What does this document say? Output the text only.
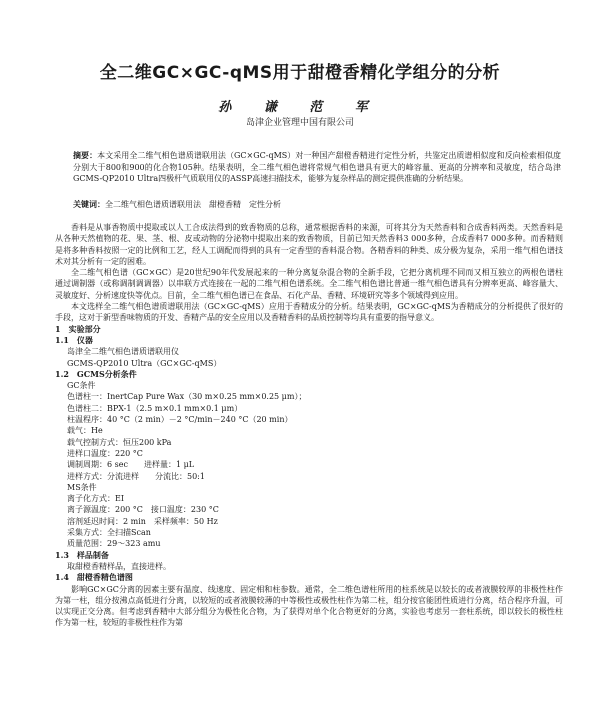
全二维GC×GC-qMS用于甜橙香精化学组分的分析
孙 谦 范 军
岛津企业管理中国有限公司
摘要：本文采用全二维气相色谱质谱联用法（GC×GC-qMS）对一种国产甜橙香精进行定性分析，共鉴定出质谱相似度和反向检索相似度分别大于800和900的化合物105种。结果表明，全二维气相色谱将常规气相色谱具有更大的峰容量、更高的分辨率和灵敏度，结合岛津GCMS-QP2010 Ultra四极杆气质联用仪的ASSP高速扫描技术，能够为复杂样品的测定提供准确的分析结果。
关键词：全二维气相色谱质谱联用法　甜橙香精　定性分析

香料是从事香物质中提取或以人工合成法得到的致香物质的总称，通常根据香料的来源，可将其分为天然香料和合成香料两类。天然香料是从各种天然植物的花、果、茎、根、皮或动物的分泌物中提取出来的致香物质，目前已知天然香料3 000多种，合成香料7 000多种。而香精则是将多种香料按照一定的比例和工艺，经人工调配而得到的具有一定香型的香料混合物。各精香料的种类、成分极为复杂，采用一维气相色谱技术对其分析有一定的困难。

全二维气相色谱（GC×GC）是20世纪90年代发展起来的一种分离复杂混合物的全新手段，它把分离机理不同而又相互独立的两根色谱柱通过调制器（或称调制调调器）以串联方式连接在一起的二维气相色谱系统。全二维气相色谱比普通一维气相色谱具有分辨率更高、峰容量大、灵敏度好、分析速度快等优点。目前，全二维气相色谱已在食品、石化产品、香精、环境研究等多个领域得到应用。

本文选样全二维气相色谱质谱联用法（GC×GC-qMS）应用于香精成分的分析。结果表明，GC×GC-qMS为香精成分的分析提供了很好的手段，这对于新型香味物质的开发、香精产品的安全应用以及香精香料的品质控制等均具有重要的指导意义。

1　实验部分

1.1　仪器

岛津全二维气相色谱质谱联用仪

GCMS-QP2010 Ultra（GC×GC-qMS）

1.2　GCMS分析条件

GC条件

色谱柱一：InertCap Pure Wax（30 m×0.25 mm×0.25 μm）；

色谱柱二：BPX-1（2.5 m×0.1 mm×0.1 μm）

柱温程序：40 °C（2 min）－2 °C/min－240 °C（20 min）

载气：He

载气控制方式：恒压200 kPa

进样口温度：220 °C

调制周期：6 sec　　进样量：1 μL

进样方式：分流进样　　分流比：50:1

MS条件

离子化方式：EI

离子源温度：200 °C　接口温度：230 °C

溶剂延迟时间：2 min　采样频率：50 Hz

采集方式：全扫描Scan

质量范围：29～323 amu

1.3　样品制备

取甜橙香精样品，直接进样。

1.4　甜橙香精色谱图

影响GC×GC分离的因素主要有温度、线速度、固定相和柱参数。通常，全二维色谱柱所用的柱系统是以较长的或者液膜较厚的非极性柱作为第一柱，组分按沸点高低进行分离，以较短的或者液膜较薄的中等极性或极性柱作为第二柱，组分按官能团性质进行分离，结合程序升温，可以实现正交分离。但考虑到香精中大部分组分为极性化合物，为了获得对单个化合物更好的分离，实验也考虑另一套柱系统，即以较长的极性柱作为第一柱，较短的非极性柱作为第
